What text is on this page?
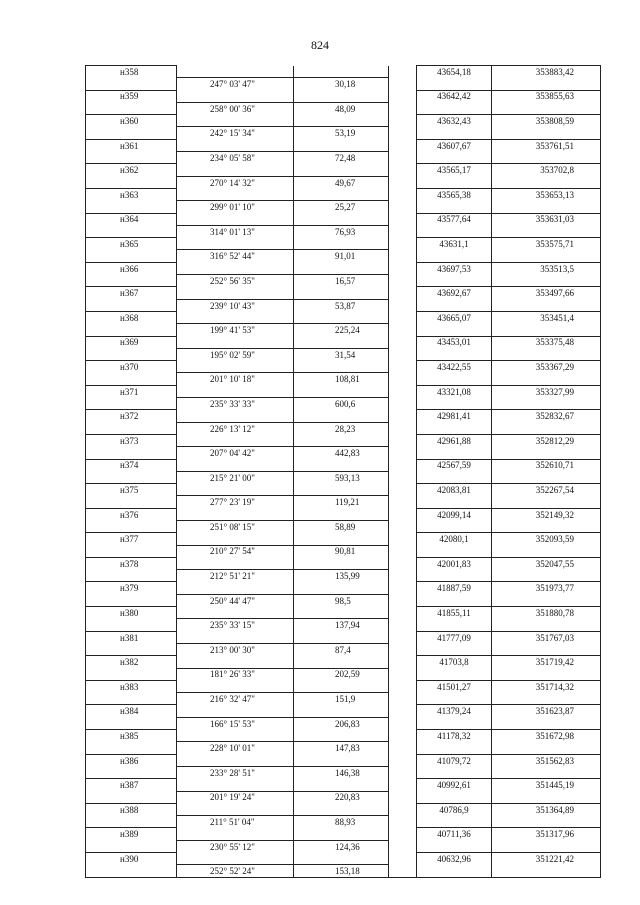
824
н358				43654,18	353883,42
	247° 03' 47"	30,18			
н359				43642,42	353855,63
	258° 00' 36"	48,09			
н360				43632,43	353808,59
	242° 15' 34"	53,19			
н361				43607,67	353761,51
	234° 05' 58"	72,48			
н362				43565,17	353702,8
	270° 14' 32"	49,67			
н363				43565,38	353653,13
	299° 01' 10"	25,27			
н364				43577,64	353631,03
	314° 01' 13"	76,93			
н365				43631,1	353575,71
	316° 52' 44"	91,01			
н366				43697,53	353513,5
	252° 56' 35"	16,57			
н367				43692,67	353497,66
	239° 10' 43"	53,87			
н368				43665,07	353451,4
	199° 41' 53"	225,24			
н369				43453,01	353375,48
	195° 02' 59"	31,54			
н370				43422,55	353367,29
	201° 10' 18"	108,81			
н371				43321,08	353327,99
	235° 33' 33"	600,6			
н372				42981,41	352832,67
	226° 13' 12"	28,23			
н373				42961,88	352812,29
	207° 04' 42"	442,83			
н374				42567,59	352610,71
	215° 21' 00"	593,13			
н375				42083,81	352267,54
	277° 23' 19"	119,21			
н376				42099,14	352149,32
	251° 08' 15"	58,89			
н377				42080,1	352093,59
	210° 27' 54"	90,81			
н378				42001,83	352047,55
	212° 51' 21"	135,99			
н379				41887,59	351973,77
	250° 44' 47"	98,5			
н380				41855,11	351880,78
	235° 33' 15"	137,94			
н381				41777,09	351767,03
	213° 00' 30"	87,4			
н382				41703,8	351719,42
	181° 26' 33"	202,59			
н383				41501,27	351714,32
	216° 32' 47"	151,9			
н384				41379,24	351623,87
	166° 15' 53"	206,83			
н385				41178,32	351672,98
	228° 10' 01"	147,83			
н386				41079,72	351562,83
	233° 28' 51"	146,38			
н387				40992,61	351445,19
	201° 19' 24"	220,83			
н388				40786,9	351364,89
	211° 51' 04"	88,93			
н389				40711,36	351317,96
	230° 55' 12"	124,36			
н390				40632,96	351221,42
	252° 52' 24"	153,18			
